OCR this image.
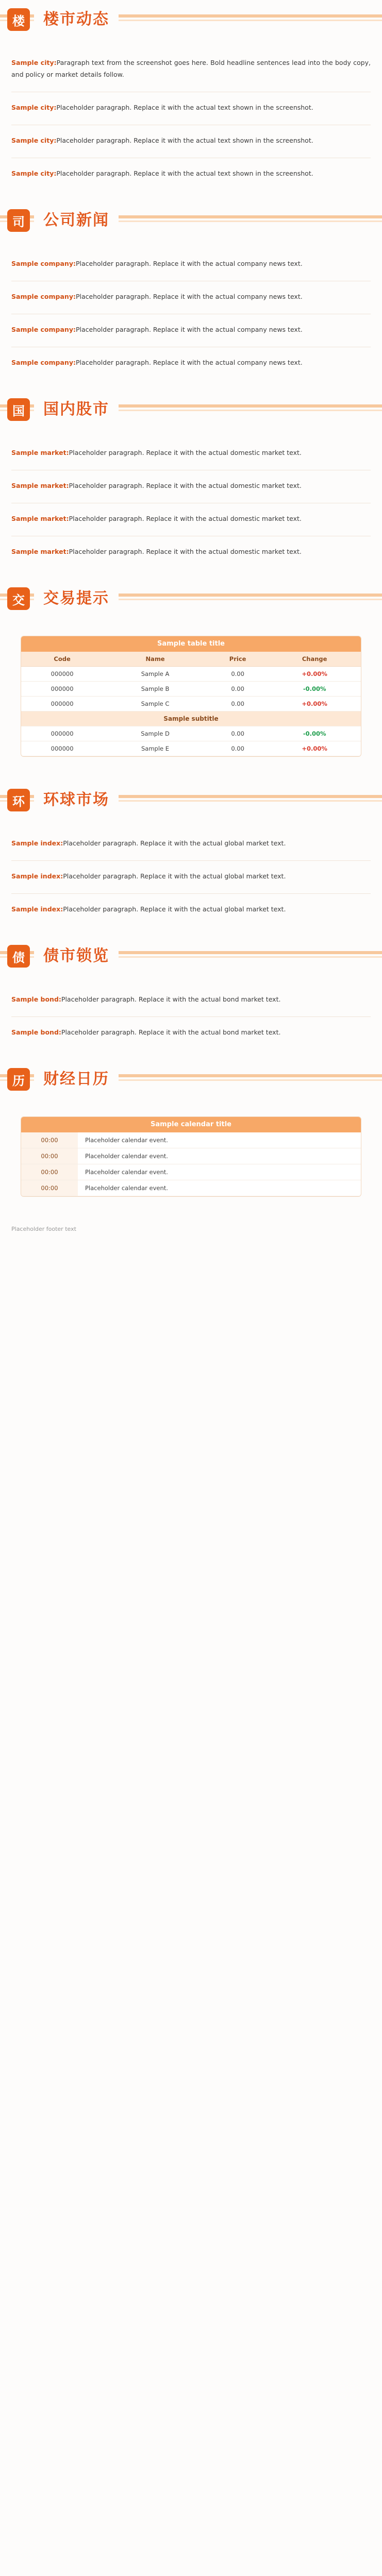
楼	楼市动态

Sample city:Paragraph text from the screenshot goes here. Bold headline sentences lead into the body copy, and policy or market details follow.

Sample city:Placeholder paragraph. Replace it with the actual text shown in the screenshot.

Sample city:Placeholder paragraph. Replace it with the actual text shown in the screenshot.

Sample city:Placeholder paragraph. Replace it with the actual text shown in the screenshot.

司	公司新闻

Sample company:Placeholder paragraph. Replace it with the actual company news text.

Sample company:Placeholder paragraph. Replace it with the actual company news text.

Sample company:Placeholder paragraph. Replace it with the actual company news text.

Sample company:Placeholder paragraph. Replace it with the actual company news text.

国	国内股市

Sample market:Placeholder paragraph. Replace it with the actual domestic market text.

Sample market:Placeholder paragraph. Replace it with the actual domestic market text.

Sample market:Placeholder paragraph. Replace it with the actual domestic market text.

Sample market:Placeholder paragraph. Replace it with the actual domestic market text.

交	交易提示
Sample table title
Code	Name	Price	Change
000000	Sample A	0.00	+0.00%
000000	Sample B	0.00	-0.00%
000000	Sample C	0.00	+0.00%
Sample subtitle			
000000	Sample D	0.00	-0.00%
000000	Sample E	0.00	+0.00%
环	环球市场

Sample index:Placeholder paragraph. Replace it with the actual global market text.

Sample index:Placeholder paragraph. Replace it with the actual global market text.

Sample index:Placeholder paragraph. Replace it with the actual global market text.

债	债市锁览

Sample bond:Placeholder paragraph. Replace it with the actual bond market text.

Sample bond:Placeholder paragraph. Replace it with the actual bond market text.

历	财经日历
Sample calendar title
00:00	Placeholder calendar event.
00:00	Placeholder calendar event.
00:00	Placeholder calendar event.
00:00	Placeholder calendar event.
Placeholder footer text
